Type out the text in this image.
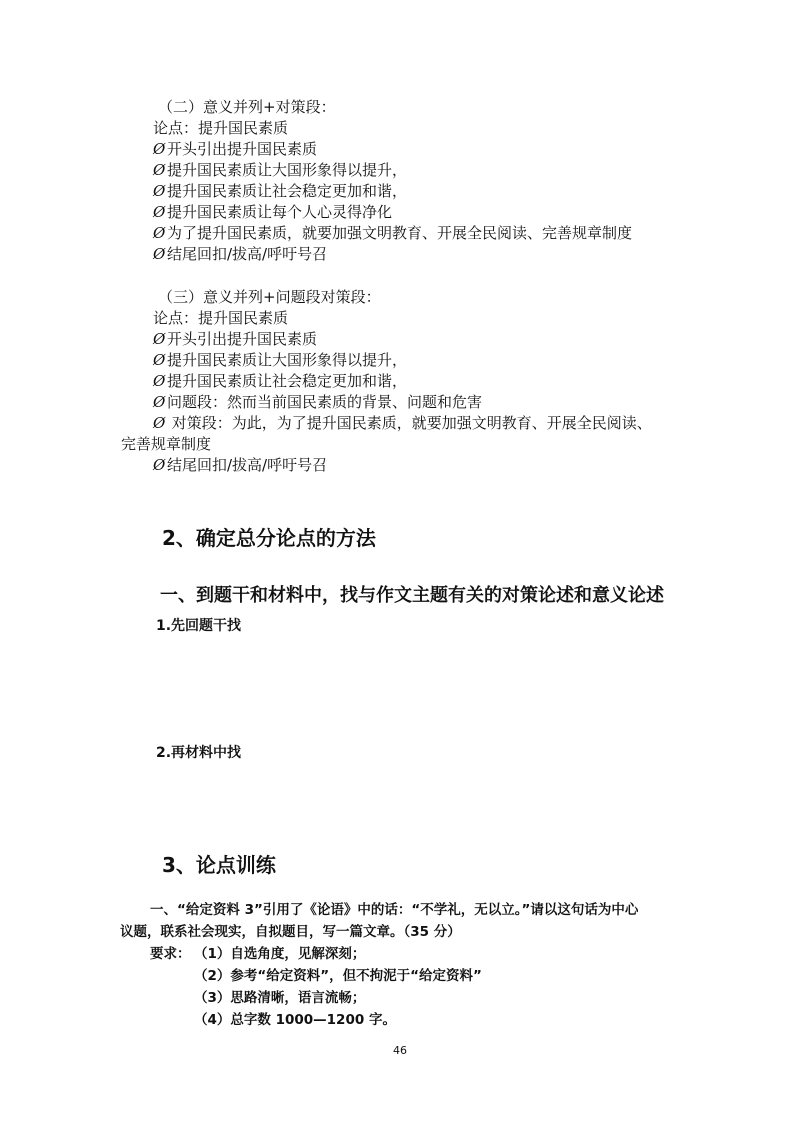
（二）意义并列+对策段：
论点：提升国民素质
Ø 开头引出提升国民素质
Ø 提升国民素质让大国形象得以提升，
Ø 提升国民素质让社会稳定更加和谐，
Ø 提升国民素质让每个人心灵得净化
Ø 为了提升国民素质，就要加强文明教育、开展全民阅读、完善规章制度
Ø 结尾回扣/拔高/呼吁号召
（三）意义并列+问题段对策段：
论点：提升国民素质
Ø 开头引出提升国民素质
Ø 提升国民素质让大国形象得以提升，
Ø 提升国民素质让社会稳定更加和谐，
Ø 问题段：然而当前国民素质的背景、问题和危害
Ø 对策段：为此，为了提升国民素质，就要加强文明教育、开展全民阅读、
完善规章制度
Ø 结尾回扣/拔高/呼吁号召
2、确定总分论点的方法
一、到题干和材料中，找与作文主题有关的对策论述和意义论述
1.先回题干找
2.再材料中找
3、论点训练
一、“给定资料 3”引用了《论语》中的话：“不学礼，无以立。”请以这句话为中心
议题，联系社会现实，自拟题目，写一篇文章。（35 分）
要求： （1）自选角度，见解深刻；
（2）参考“给定资料”，但不拘泥于“给定资料”
（3）思路清晰，语言流畅；
（4）总字数 1000—1200 字。
46
